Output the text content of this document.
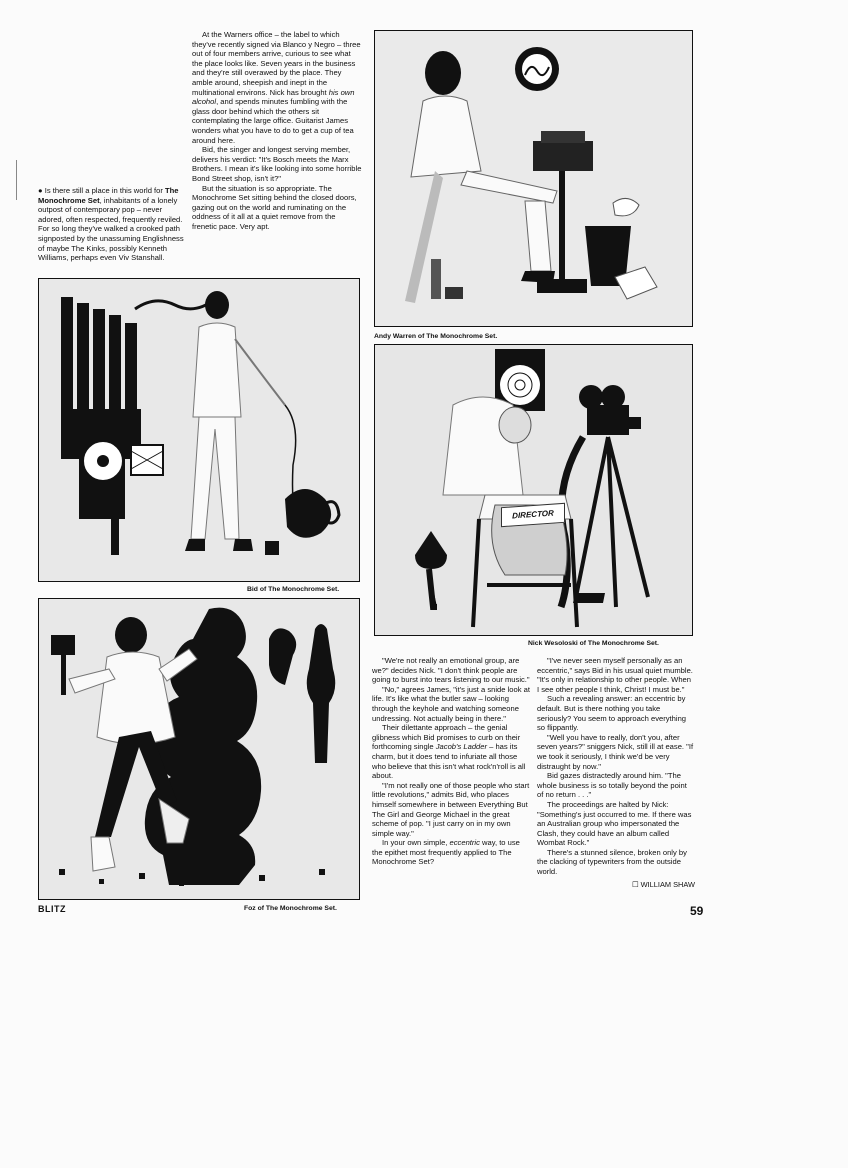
● Is there still a place in this world for The Monochrome Set, inhabitants of a lonely outpost of contemporary pop – never adored, often respected, frequently reviled. For so long they've walked a crooked path signposted by the unassuming Englishness of maybe The Kinks, possibly Kenneth Williams, perhaps even Viv Stanshall.

At the Warners office – the label to which they've recently signed via Blanco y Negro – three out of four members arrive, curious to see what the place looks like. Seven years in the business and they're still overawed by the place. They amble around, sheepish and inept in the multinational environs. Nick has brought his own alcohol, and spends minutes fumbling with the glass door behind which the others sit contemplating the large office. Guitarist James wonders what you have to do to get a cup of tea around here.

Bid, the singer and longest serving member, delivers his verdict: "It's Bosch meets the Marx Brothers. I mean it's like looking into some horrible Bond Street shop, isn't it?"

But the situation is so appropriate. The Monochrome Set sitting behind the closed doors, gazing out on the world and ruminating on the oddness of it all at a quiet remove from the frenetic pace. Very apt.

Andy Warren of The Monochrome Set.
Bid of The Monochrome Set.
DIRECTOR
Nick Wesoloski of The Monochrome Set.
Foz of The Monochrome Set.

"We're not really an emotional group, are we?" decides Nick. "I don't think people are going to burst into tears listening to our music."

"No," agrees James, "it's just a snide look at life. It's like what the butler saw – looking through the keyhole and watching someone undressing. Not actually being in there."

Their dilettante approach – the genial glibness which Bid promises to curb on their forthcoming single Jacob's Ladder – has its charm, but it does tend to infuriate all those who believe that this isn't what rock'n'roll is all about.

"I'm not really one of those people who start little revolutions," admits Bid, who places himself somewhere in between Everything But The Girl and George Michael in the great scheme of pop. "I just carry on in my own simple way."

In your own simple, eccentric way, to use the epithet most frequently applied to The Monochrome Set?

"I've never seen myself personally as an eccentric," says Bid in his usual quiet mumble. "It's only in relationship to other people. When I see other people I think, Christ! I must be."

Such a revealing answer: an eccentric by default. But is there nothing you take seriously? You seem to approach everything so flippantly.

"Well you have to really, don't you, after seven years?" sniggers Nick, still ill at ease. "If we took it seriously, I think we'd be very distraught by now."

Bid gazes distractedly around him. "The whole business is so totally beyond the point of no return . . ."

The proceedings are halted by Nick: "Something's just occurred to me. If there was an Australian group who impersonated the Clash, they could have an album called Wombat Rock."

There's a stunned silence, broken only by the clacking of typewriters from the outside world.

☐ WILLIAM SHAW
BLITZ	59
